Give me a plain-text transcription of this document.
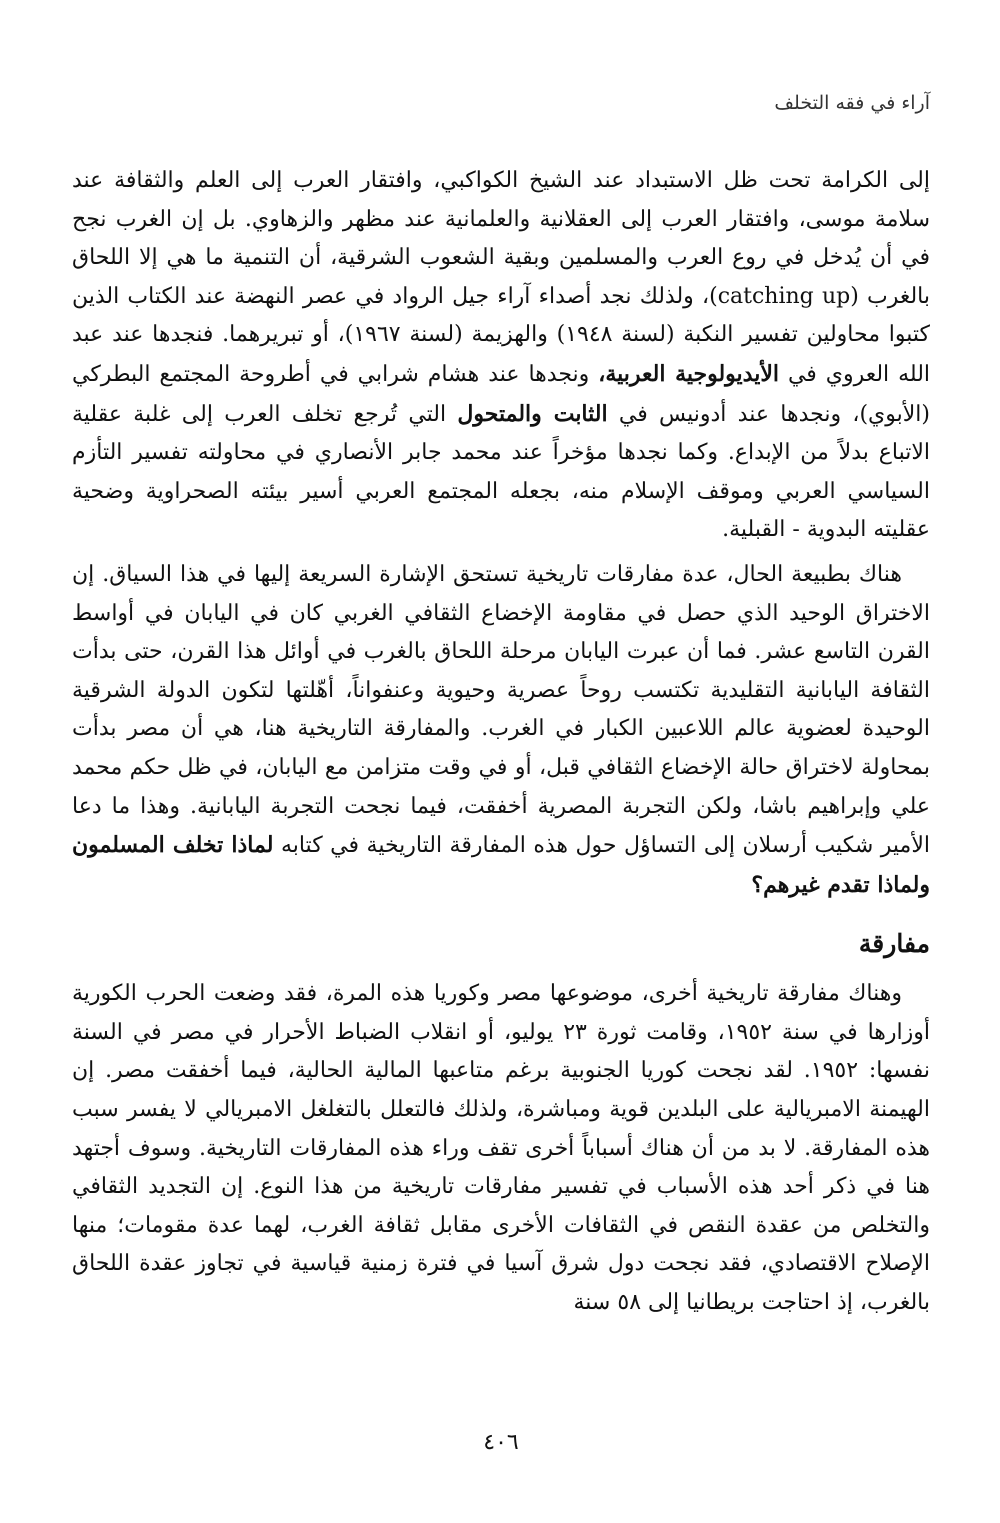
آراء في فقه التخلف

إلى الكرامة تحت ظل الاستبداد عند الشيخ الكواكبي، وافتقار العرب إلى العلم والثقافة عند سلامة موسى، وافتقار العرب إلى العقلانية والعلمانية عند مظهر والزهاوي. بل إن الغرب نجح في أن يُدخل في روع العرب والمسلمين وبقية الشعوب الشرقية، أن التنمية ما هي إلا اللحاق بالغرب (catching up)، ولذلك نجد أصداء آراء جيل الرواد في عصر النهضة عند الكتاب الذين كتبوا محاولين تفسير النكبة (لسنة ١٩٤٨) والهزيمة (لسنة ١٩٦٧)، أو تبريرهما. فنجدها عند عبد الله العروي في الأيديولوجية العربية، ونجدها عند هشام شرابي في أطروحة المجتمع البطركي (الأبوي)، ونجدها عند أدونيس في الثابت والمتحول التي تُرجع تخلف العرب إلى غلبة عقلية الاتباع بدلاً من الإبداع. وكما نجدها مؤخراً عند محمد جابر الأنصاري في محاولته تفسير التأزم السياسي العربي وموقف الإسلام منه، بجعله المجتمع العربي أسير بيئته الصحراوية وضحية عقليته البدوية - القبلية.

هناك بطبيعة الحال، عدة مفارقات تاريخية تستحق الإشارة السريعة إليها في هذا السياق. إن الاختراق الوحيد الذي حصل في مقاومة الإخضاع الثقافي الغربي كان في اليابان في أواسط القرن التاسع عشر. فما أن عبرت اليابان مرحلة اللحاق بالغرب في أوائل هذا القرن، حتى بدأت الثقافة اليابانية التقليدية تكتسب روحاً عصرية وحيوية وعنفواناً، أهّلتها لتكون الدولة الشرقية الوحيدة لعضوية عالم اللاعبين الكبار في الغرب. والمفارقة التاريخية هنا، هي أن مصر بدأت بمحاولة لاختراق حالة الإخضاع الثقافي قبل، أو في وقت متزامن مع اليابان، في ظل حكم محمد علي وإبراهيم باشا، ولكن التجربة المصرية أخفقت، فيما نجحت التجربة اليابانية. وهذا ما دعا الأمير شكيب أرسلان إلى التساؤل حول هذه المفارقة التاريخية في كتابه لماذا تخلف المسلمون ولماذا تقدم غيرهم؟

مفارقة

وهناك مفارقة تاريخية أخرى، موضوعها مصر وكوريا هذه المرة، فقد وضعت الحرب الكورية أوزارها في سنة ١٩٥٢، وقامت ثورة ٢٣ يوليو، أو انقلاب الضباط الأحرار في مصر في السنة نفسها: ١٩٥٢. لقد نجحت كوريا الجنوبية برغم متاعبها المالية الحالية، فيما أخفقت مصر. إن الهيمنة الامبريالية على البلدين قوية ومباشرة، ولذلك فالتعلل بالتغلغل الامبريالي لا يفسر سبب هذه المفارقة. لا بد من أن هناك أسباباً أخرى تقف وراء هذه المفارقات التاريخية. وسوف أجتهد هنا في ذكر أحد هذه الأسباب في تفسير مفارقات تاريخية من هذا النوع. إن التجديد الثقافي والتخلص من عقدة النقص في الثقافات الأخرى مقابل ثقافة الغرب، لهما عدة مقومات؛ منها الإصلاح الاقتصادي، فقد نجحت دول شرق آسيا في فترة زمنية قياسية في تجاوز عقدة اللحاق بالغرب، إذ احتاجت بريطانيا إلى ٥٨ سنة

٤٠٦
